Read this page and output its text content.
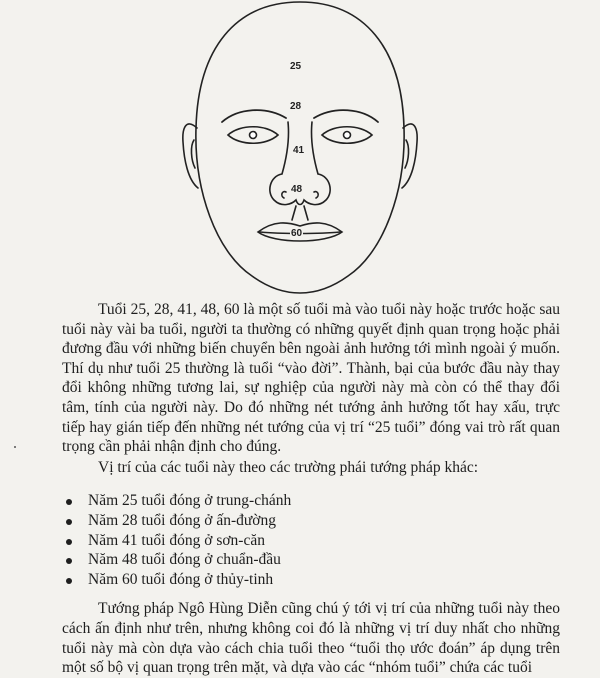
25
28
41
48
60

Tuổi 25, 28, 41, 48, 60 là một số tuổi mà vào tuổi này hoặc trước hoặc sau tuổi này vài ba tuổi, người ta thường có những quyết định quan trọng hoặc phải đương đầu với những biến chuyển bên ngoài ảnh hưởng tới mình ngoài ý muốn. Thí dụ như tuổi 25 thường là tuổi “vào đời”. Thành, bại của bước đầu này thay đổi không những tương lai, sự nghiệp của người này mà còn có thể thay đổi tâm, tính của người này. Do đó những nét tướng ảnh hưởng tốt hay xấu, trực tiếp hay gián tiếp đến những nét tướng của vị trí “25 tuổi” đóng vai trò rất quan trọng cần phải nhận định cho đúng.

Vị trí của các tuổi này theo các trường phái tướng pháp khác:

Năm 25 tuổi đóng ở trung-chánh
Năm 28 tuổi đóng ở ấn-đường
Năm 41 tuổi đóng ở sơn-căn
Năm 48 tuổi đóng ở chuẩn-đầu
Năm 60 tuổi đóng ở thủy-tinh

Tướng pháp Ngô Hùng Diễn cũng chú ý tới vị trí của những tuổi này theo cách ấn định như trên, nhưng không coi đó là những vị trí duy nhất cho những tuổi này mà còn dựa vào cách chia tuổi theo “tuổi thọ ước đoán” áp dụng trên một số bộ vị quan trọng trên mặt, và dựa vào các “nhóm tuổi” chứa các tuổi
